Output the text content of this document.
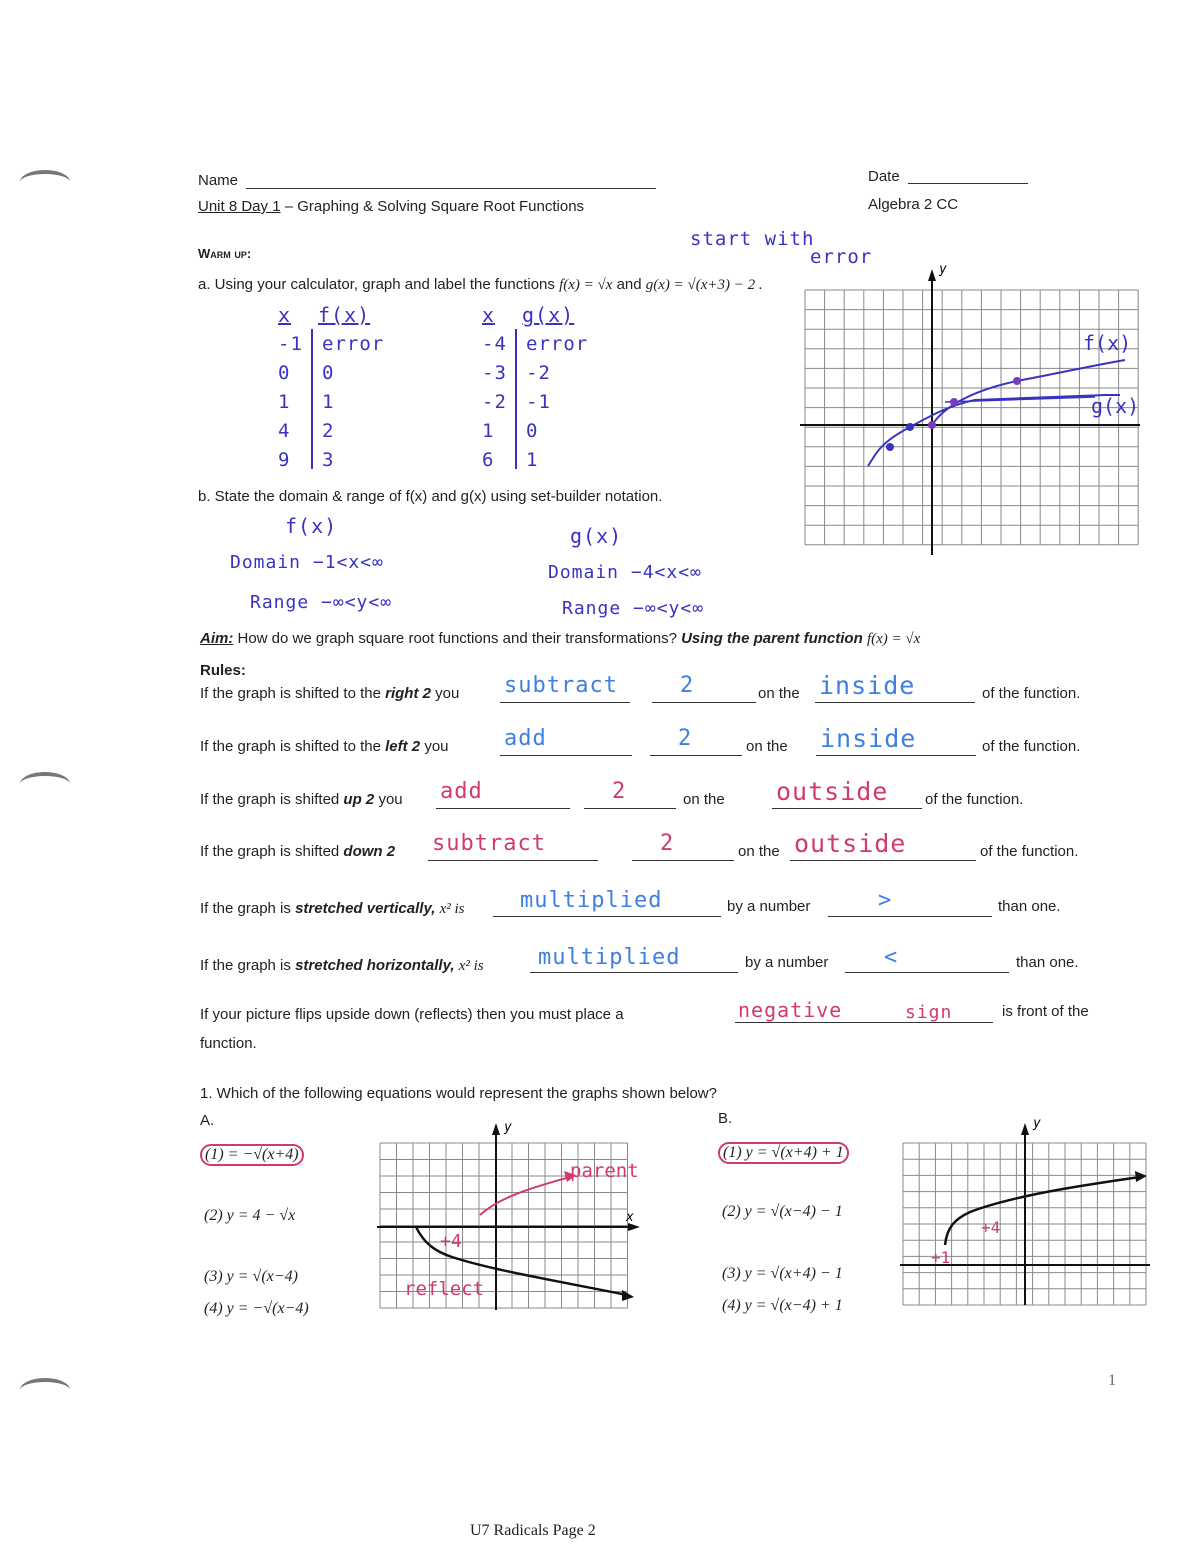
Name	Date
Unit 8 Day 1 – Graphing & Solving Square Root Functions	Algebra 2 CC
Warm up:
start with
error
a. Using your calculator, graph and label the functions f(x) = √x and g(x) = √(x+3) − 2 .
x f(x)
-1 error
0 0
1 1
4 2
9 3
x g(x)
-4 error
-3 -2
-2 -1
1 0
6 1
y
f(x)
g(x)
b. State the domain & range of f(x) and g(x) using set-builder notation.
f(x)	g(x)
Domain −1<x<∞
Range −∞<y<∞
Domain −4<x<∞
Range −∞<y<∞
Aim: How do we graph square root functions and their transformations? Using the parent function f(x) = √x
Rules:
If the graph is shifted to the right 2 you subtract	2	on the inside	of the function.
If the graph is shifted to the left 2 you	add	2	on the inside	of the function.
If the graph is shifted up 2 you add	2	on the outside of the function.
If the graph is shifted down 2 subtract	2	on the outside	of the function.
If the graph is stretched vertically, x² is	multiplied	by a number	>	than one.
If the graph is stretched horizontally, x² is multiplied	by a number	<	than one.
If your picture flips upside down (reflects) then you must place a	negative	sign	is front of the
function.
1. Which of the following equations would represent the graphs shown below?
A.	B.
(1) = −√(x+4)
(2) y = 4 − √x
(3) y = √(x−4)
(4) y = −√(x−4)
(1) y = √(x+4) + 1
(2) y = √(x−4) − 1
(3) y = √(x+4) − 1
(4) y = √(x−4) + 1
x
y
parent
+4
reflect
y
+1
+4
U7 Radicals Page 2
1
